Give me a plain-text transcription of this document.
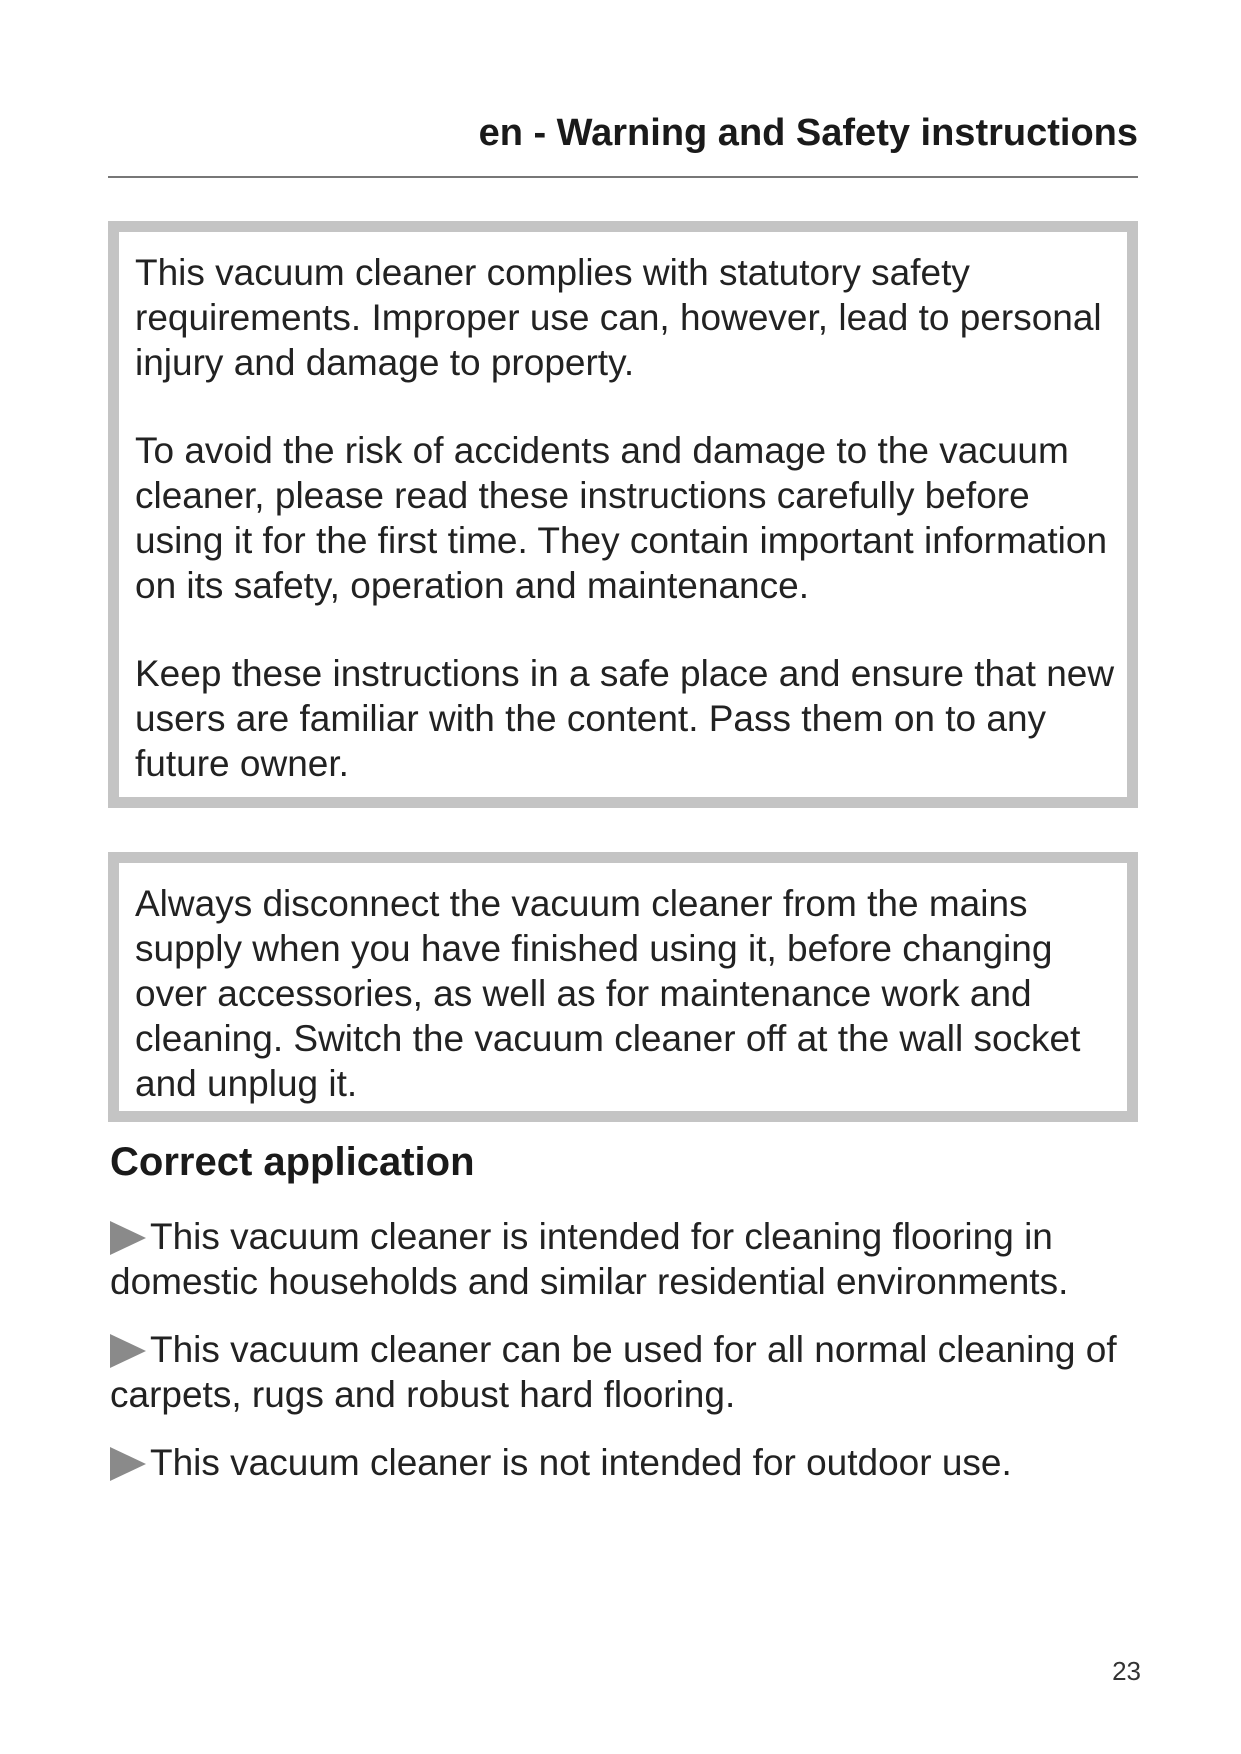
en - Warning and Safety instructions

This vacuum cleaner complies with statutory safety requirements. Improper use can, however, lead to personal injury and damage to property.

To avoid the risk of accidents and damage to the vacuum cleaner, please read these instructions carefully before using it for the first time. They contain important information on its safety, operation and maintenance.

Keep these instructions in a safe place and ensure that new users are familiar with the content. Pass them on to any future owner.

Always disconnect the vacuum cleaner from the mains supply when you have finished using it, before changing over accessories, as well as for maintenance work and cleaning. Switch the vacuum cleaner off at the wall socket and unplug it.

Correct application

This vacuum cleaner is intended for cleaning flooring in domestic households and similar residential environments.

This vacuum cleaner can be used for all normal cleaning of carpets, rugs and robust hard flooring.

This vacuum cleaner is not intended for outdoor use.

23
